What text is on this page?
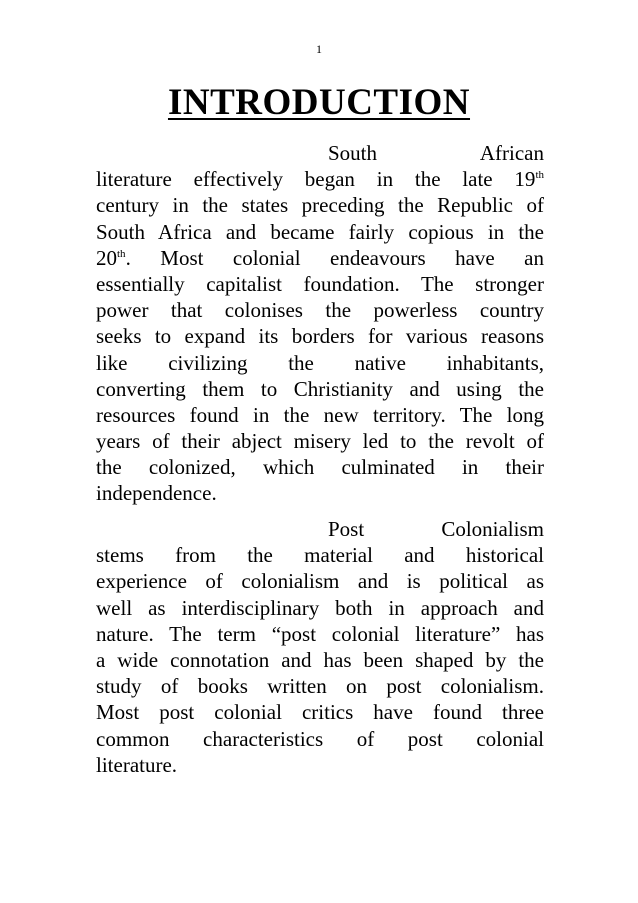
1
INTRODUCTION
South	African
literature effectively began in the late 19th
century in the states preceding the Republic of
South Africa and became fairly copious in the
20th. Most colonial endeavours have an
essentially capitalist foundation. The stronger
power that colonises the powerless country
seeks to expand its borders for various reasons
like civilizing the native inhabitants,
converting them to Christianity and using the
resources found in the new territory. The long
years of their abject misery led to the revolt of
the colonized, which culminated in their
independence.
Post	Colonialism
stems from the material and historical
experience of colonialism and is political as
well as interdisciplinary both in approach and
nature. The term “post colonial literature” has
a wide connotation and has been shaped by the
study of books written on post colonialism.
Most post colonial critics have found three
common characteristics of post colonial
literature.
